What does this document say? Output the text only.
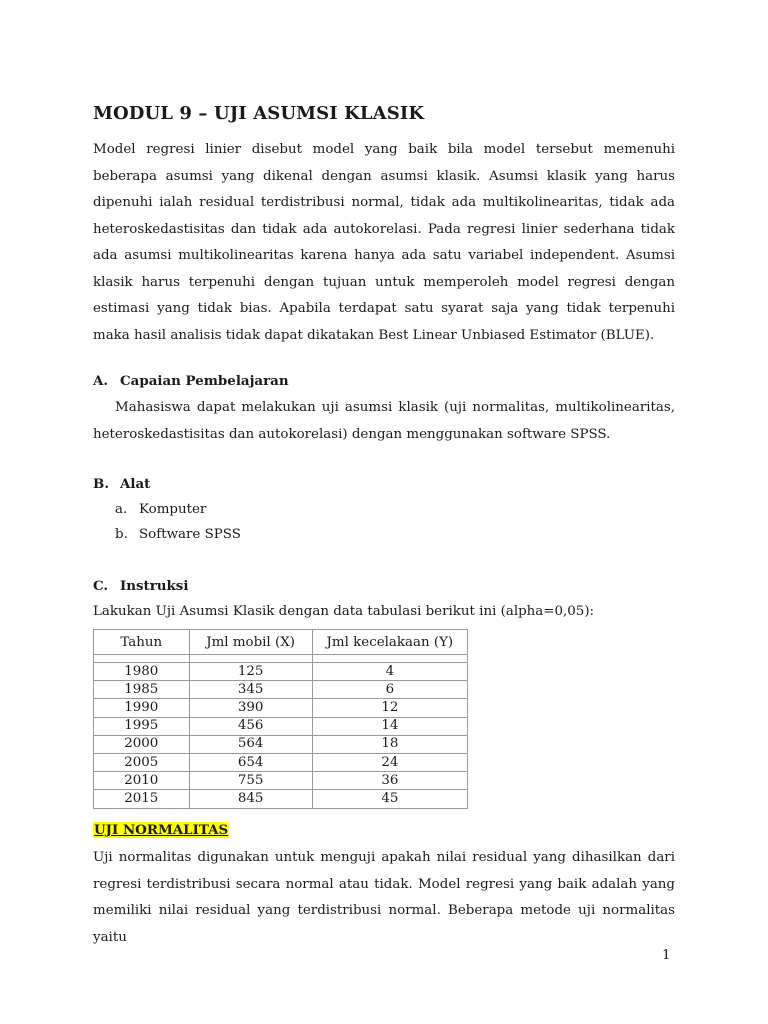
MODUL 9 – UJI ASUMSI KLASIK

Model regresi linier disebut model yang baik bila model tersebut memenuhi beberapa asumsi yang dikenal dengan asumsi klasik. Asumsi klasik yang harus dipenuhi ialah residual terdistribusi normal, tidak ada multikolinearitas, tidak ada heteroskedastisitas dan tidak ada autokorelasi. Pada regresi linier sederhana tidak ada asumsi multikolinearitas karena hanya ada satu variabel independent. Asumsi klasik harus terpenuhi dengan tujuan untuk memperoleh model regresi dengan estimasi yang tidak bias. Apabila terdapat satu syarat saja yang tidak terpenuhi maka hasil analisis tidak dapat dikatakan Best Linear Unbiased Estimator (BLUE).

A. Capaian Pembelajaran

Mahasiswa dapat melakukan uji asumsi klasik (uji normalitas, multikolinearitas, heteroskedastisitas dan autokorelasi) dengan menggunakan software SPSS.

B. Alat
a. Komputer
b. Software SPSS
C. Instruksi
Lakukan Uji Asumsi Klasik dengan data tabulasi berikut ini (alpha=0,05):
Tahun	Jml mobil (X)	Jml kecelakaan (Y)

1980	125	4
1985	345	6
1990	390	12
1995	456	14
2000	564	18
2005	654	24
2010	755	36
2015	845	45
UJI NORMALITAS

Uji normalitas digunakan untuk menguji apakah nilai residual yang dihasilkan dari regresi terdistribusi secara normal atau tidak. Model regresi yang baik adalah yang memiliki nilai residual yang terdistribusi normal. Beberapa metode uji normalitas yaitu

1
